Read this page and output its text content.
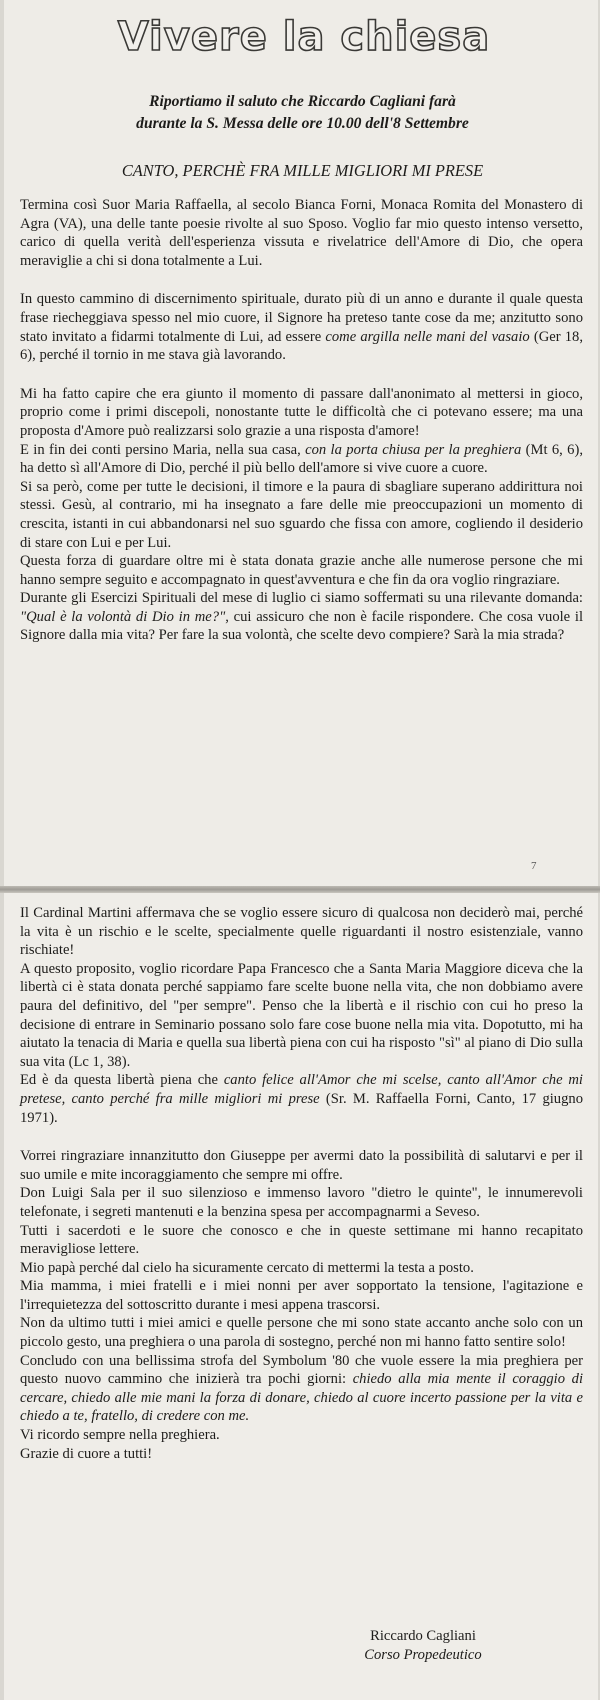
Vivere la chiesa
Riportiamo il saluto che Riccardo Cagliani farà
durante la S. Messa delle ore 10.00 dell'8 Settembre
CANTO, PERCHÈ FRA MILLE MIGLIORI MI PRESE

Termina così Suor Maria Raffaella, al secolo Bianca Forni, Monaca Romita del Monastero di Agra (VA), una delle tante poesie rivolte al suo Sposo. Voglio far mio questo intenso versetto, carico di quella verità dell'esperienza vissuta e rivelatrice dell'Amore di Dio, che opera meraviglie a chi si dona totalmente a Lui.

In questo cammino di discernimento spirituale, durato più di un anno e durante il quale questa frase riecheggiava spesso nel mio cuore, il Signore ha preteso tante cose da me; anzitutto sono stato invitato a fidarmi totalmente di Lui, ad essere come argilla nelle mani del vasaio (Ger 18, 6), perché il tornio in me stava già lavorando.

Mi ha fatto capire che era giunto il momento di passare dall'anonimato al mettersi in gioco, proprio come i primi discepoli, nonostante tutte le difficoltà che ci potevano essere; ma una proposta d'Amore può realizzarsi solo grazie a una risposta d'amore!

E in fin dei conti persino Maria, nella sua casa, con la porta chiusa per la preghiera (Mt 6, 6), ha detto sì all'Amore di Dio, perché il più bello dell'amore si vive cuore a cuore.

Si sa però, come per tutte le decisioni, il timore e la paura di sbagliare superano addirittura noi stessi. Gesù, al contrario, mi ha insegnato a fare delle mie preoccupazioni un momento di crescita, istanti in cui abbandonarsi nel suo sguardo che fissa con amore, cogliendo il desiderio di stare con Lui e per Lui.

Questa forza di guardare oltre mi è stata donata grazie anche alle numerose persone che mi hanno sempre seguito e accompagnato in quest'avventura e che fin da ora voglio ringraziare.

Durante gli Esercizi Spirituali del mese di luglio ci siamo soffermati su una rilevante domanda: "Qual è la volontà di Dio in me?", cui assicuro che non è facile rispondere. Che cosa vuole il Signore dalla mia vita? Per fare la sua volontà, che scelte devo compiere? Sarà la mia strada?

7

Il Cardinal Martini affermava che se voglio essere sicuro di qualcosa non deciderò mai, perché la vita è un rischio e le scelte, specialmente quelle riguardanti il nostro esistenziale, vanno rischiate!

A questo proposito, voglio ricordare Papa Francesco che a Santa Maria Maggiore diceva che la libertà ci è stata donata perché sappiamo fare scelte buone nella vita, che non dobbiamo avere paura del definitivo, del "per sempre". Penso che la libertà e il rischio con cui ho preso la decisione di entrare in Seminario possano solo fare cose buone nella mia vita. Dopotutto, mi ha aiutato la tenacia di Maria e quella sua libertà piena con cui ha risposto "sì" al piano di Dio sulla sua vita (Lc 1, 38).

Ed è da questa libertà piena che canto felice all'Amor che mi scelse, canto all'Amor che mi pretese, canto perché fra mille migliori mi prese (Sr. M. Raffaella Forni, Canto, 17 giugno 1971).

Vorrei ringraziare innanzitutto don Giuseppe per avermi dato la possibilità di salutarvi e per il suo umile e mite incoraggiamento che sempre mi offre.

Don Luigi Sala per il suo silenzioso e immenso lavoro "dietro le quinte", le innumerevoli telefonate, i segreti mantenuti e la benzina spesa per accompagnarmi a Seveso.

Tutti i sacerdoti e le suore che conosco e che in queste settimane mi hanno recapitato meravigliose lettere.

Mio papà perché dal cielo ha sicuramente cercato di mettermi la testa a posto.

Mia mamma, i miei fratelli e i miei nonni per aver sopportato la tensione, l'agitazione e l'irrequietezza del sottoscritto durante i mesi appena trascorsi.

Non da ultimo tutti i miei amici e quelle persone che mi sono state accanto anche solo con un piccolo gesto, una preghiera o una parola di sostegno, perché non mi hanno fatto sentire solo!

Concludo con una bellissima strofa del Symbolum '80 che vuole essere la mia preghiera per questo nuovo cammino che inizierà tra pochi giorni: chiedo alla mia mente il coraggio di cercare, chiedo alle mie mani la forza di donare, chiedo al cuore incerto passione per la vita e chiedo a te, fratello, di credere con me.

Vi ricordo sempre nella preghiera.

Grazie di cuore a tutti!

Riccardo Cagliani
Corso Propedeutico
